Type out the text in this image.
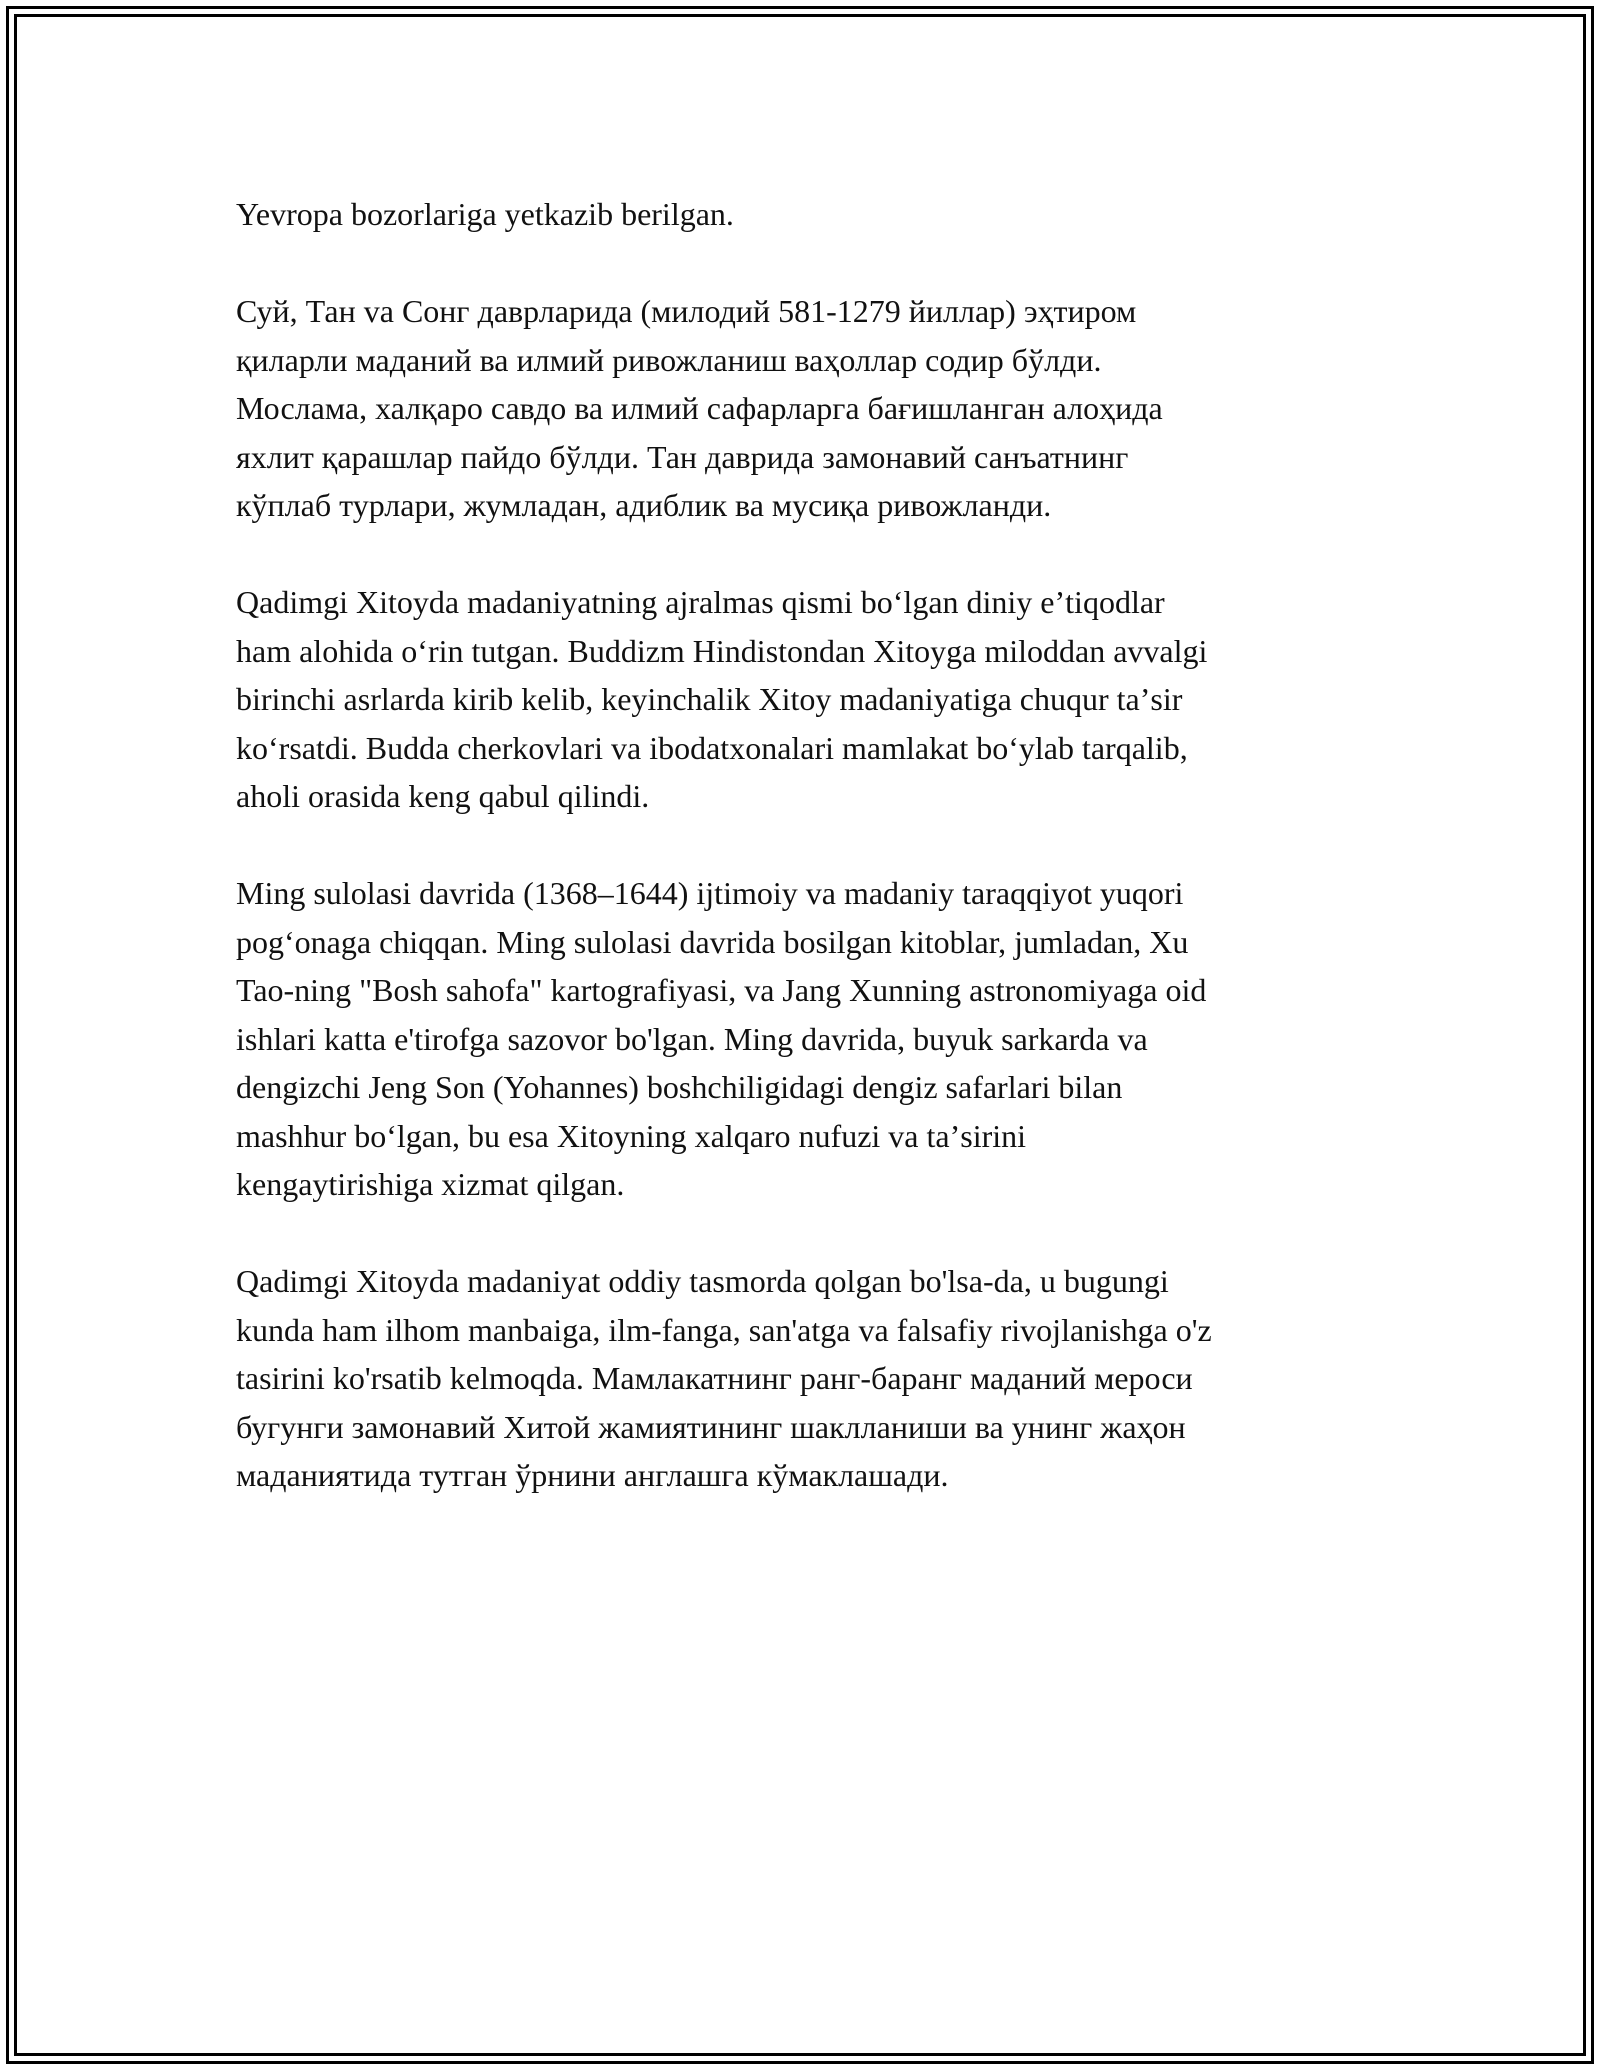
Yevropa bozorlariga yetkazib berilgan.

Суй, Тан va Сонг даврларида (милодий 581-1279 йиллар) эҳтиром
қиларли маданий ва илмий ривожланиш ваҳоллар содир бўлди.
Мослама, халқаро савдо ва илмий сафарларга бағишланган алоҳида
яхлит қарашлар пайдо бўлди. Тан даврида замонавий санъатнинг
кўплаб турлари, жумладан, адиблик ва мусиқа ривожланди.

Qadimgi Xitoyda madaniyatning ajralmas qismi boʻlgan diniy eʼtiqodlar
ham alohida oʻrin tutgan. Buddizm Hindistondan Xitoyga miloddan avvalgi
birinchi asrlarda kirib kelib, keyinchalik Xitoy madaniyatiga chuqur taʼsir
koʻrsatdi. Budda cherkovlari va ibodatxonalari mamlakat boʻylab tarqalib,
aholi orasida keng qabul qilindi.

Ming sulolasi davrida (1368–1644) ijtimoiy va madaniy taraqqiyot yuqori
pogʻonaga chiqqan. Ming sulolasi davrida bosilgan kitoblar, jumladan, Xu
Tao-ning "Bosh sahofa" kartografiyasi, va Jang Xunning astronomiyaga oid
ishlari katta e'tirofga sazovor bo'lgan. Ming davrida, buyuk sarkarda va
dengizchi Jeng Son (Yohannes) boshchiligidagi dengiz safarlari bilan
mashhur boʻlgan, bu esa Xitoyning xalqaro nufuzi va taʼsirini
kengaytirishiga xizmat qilgan.

Qadimgi Xitoyda madaniyat oddiy tasmorda qolgan bo'lsa-da, u bugungi
kunda ham ilhom manbaiga, ilm-fanga, san'atga va falsafiy rivojlanishga o'z
tasirini ko'rsatib kelmoqda. Мамлакатнинг ранг-баранг маданий мероси
бугунги замонавий Хитой жамиятининг шаклланиши ва унинг жаҳон
маданиятида тутган ўрнини англашга кўмаклашади.
